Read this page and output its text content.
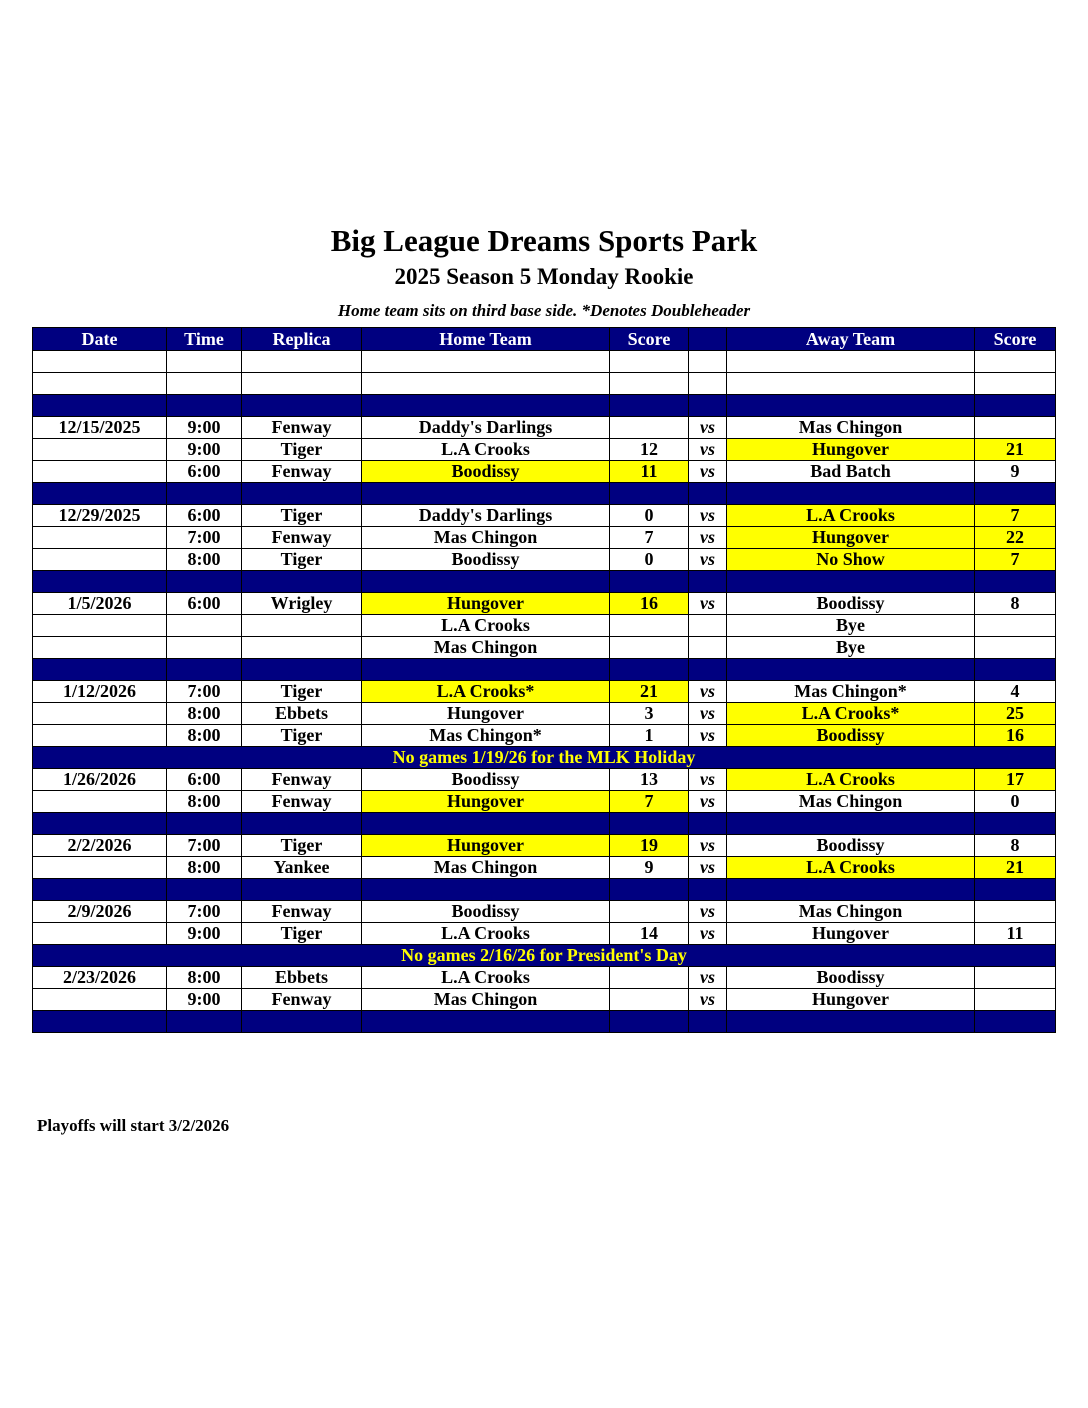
Big League Dreams Sports Park
2025 Season 5 Monday Rookie
Home team sits on third base side. *Denotes Doubleheader
Date	Time	Replica	Home Team	Score		Away Team	Score

12/15/2025	9:00	Fenway	Daddy's Darlings		vs	Mas Chingon	
	9:00	Tiger	L.A Crooks	12	vs	Hungover	21
	6:00	Fenway	Boodissy	11	vs	Bad Batch	9

12/29/2025	6:00	Tiger	Daddy's Darlings	0	vs	L.A Crooks	7
	7:00	Fenway	Mas Chingon	7	vs	Hungover	22
	8:00	Tiger	Boodissy	0	vs	No Show	7

1/5/2026	6:00	Wrigley	Hungover	16	vs	Boodissy	8
			L.A Crooks			Bye	
			Mas Chingon			Bye	

1/12/2026	7:00	Tiger	L.A Crooks*	21	vs	Mas Chingon*	4
	8:00	Ebbets	Hungover	3	vs	L.A Crooks*	25
	8:00	Tiger	Mas Chingon*	1	vs	Boodissy	16
No games 1/19/26 for the MLK Holiday							
1/26/2026	6:00	Fenway	Boodissy	13	vs	L.A Crooks	17
	8:00	Fenway	Hungover	7	vs	Mas Chingon	0

2/2/2026	7:00	Tiger	Hungover	19	vs	Boodissy	8
	8:00	Yankee	Mas Chingon	9	vs	L.A Crooks	21

2/9/2026	7:00	Fenway	Boodissy		vs	Mas Chingon	
	9:00	Tiger	L.A Crooks	14	vs	Hungover	11
No games 2/16/26 for President's Day							
2/23/2026	8:00	Ebbets	L.A Crooks		vs	Boodissy	
	9:00	Fenway	Mas Chingon		vs	Hungover	

Playoffs will start 3/2/2026
